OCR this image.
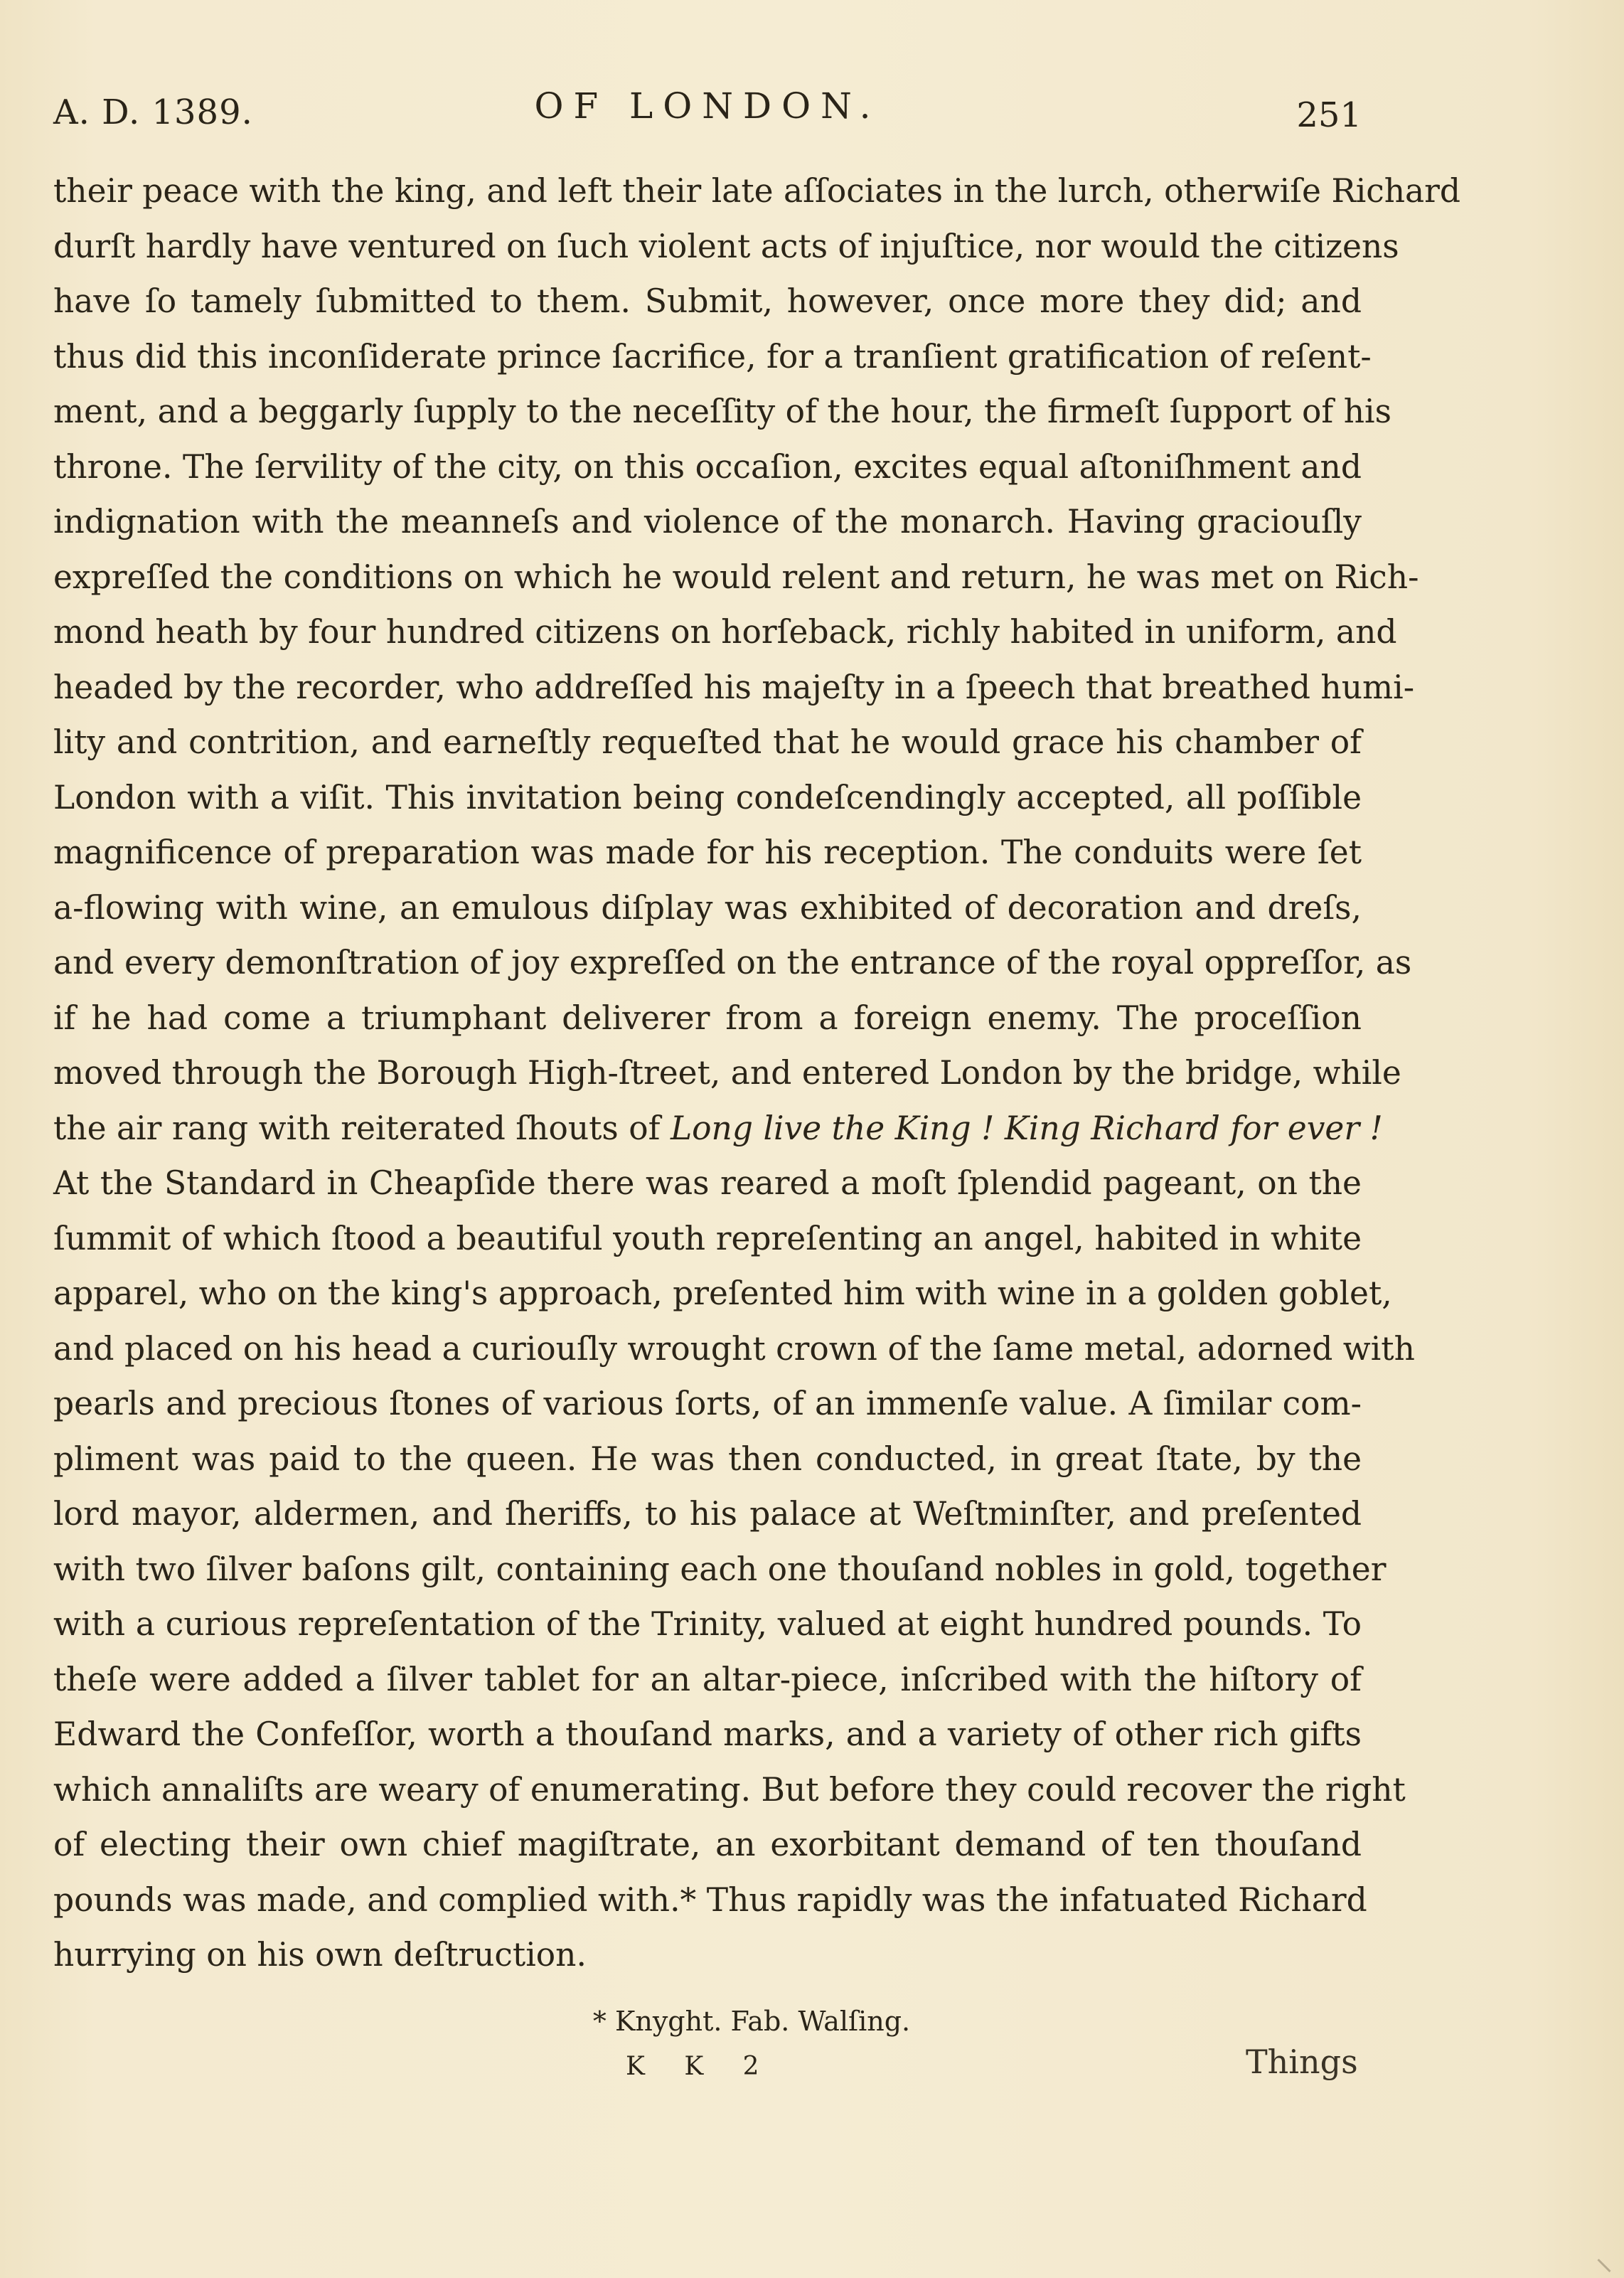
A. D. 1389.	OF LONDON.	251
their peace with the king, and left their late aſſociates in the lurch, otherwiſe Richard
durſt hardly have ventured on ſuch violent acts of injuſtice, nor would the citizens
have ſo tamely ſubmitted to them. Submit, however, once more they did; and
thus did this inconſiderate prince ſacrifice, for a tranſient gratification of reſent-
ment, and a beggarly ſupply to the neceſſity of the hour, the firmeſt ſupport of his
throne. The ſervility of the city, on this occaſion, excites equal aſtoniſhment and
indignation with the meanneſs and violence of the monarch. Having graciouſly
expreſſed the conditions on which he would relent and return, he was met on Rich-
mond heath by four hundred citizens on horſeback, richly habited in uniform, and
headed by the recorder, who addreſſed his majeſty in a ſpeech that breathed humi-
lity and contrition, and earneſtly requeſted that he would grace his chamber of
London with a viſit. This invitation being condeſcendingly accepted, all poſſible
magnificence of preparation was made for his reception. The conduits were ſet
a-flowing with wine, an emulous diſplay was exhibited of decoration and dreſs,
and every demonſtration of joy expreſſed on the entrance of the royal oppreſſor, as
if he had come a triumphant deliverer from a foreign enemy. The proceſſion
moved through the Borough High-ſtreet, and entered London by the bridge, while
the air rang with reiterated ſhouts of Long live the King ! King Richard for ever !
At the Standard in Cheapſide there was reared a moſt ſplendid pageant, on the
ſummit of which ſtood a beautiful youth repreſenting an angel, habited in white
apparel, who on the king's approach, preſented him with wine in a golden goblet,
and placed on his head a curiouſly wrought crown of the ſame metal, adorned with
pearls and precious ſtones of various ſorts, of an immenſe value. A ſimilar com-
pliment was paid to the queen. He was then conducted, in great ſtate, by the
lord mayor, aldermen, and ſheriffs, to his palace at Weſtminſter, and preſented
with two ſilver baſons gilt, containing each one thouſand nobles in gold, together
with a curious repreſentation of the Trinity, valued at eight hundred pounds. To
theſe were added a ſilver tablet for an altar-piece, inſcribed with the hiſtory of
Edward the Confeſſor, worth a thouſand marks, and a variety of other rich gifts
which annaliſts are weary of enumerating. But before they could recover the right
of electing their own chief magiſtrate, an exorbitant demand of ten thouſand
pounds was made, and complied with.* Thus rapidly was the infatuated Richard
hurrying on his own deſtruction.
* Knyght. Fab. Walſing.
K K 2	Things
